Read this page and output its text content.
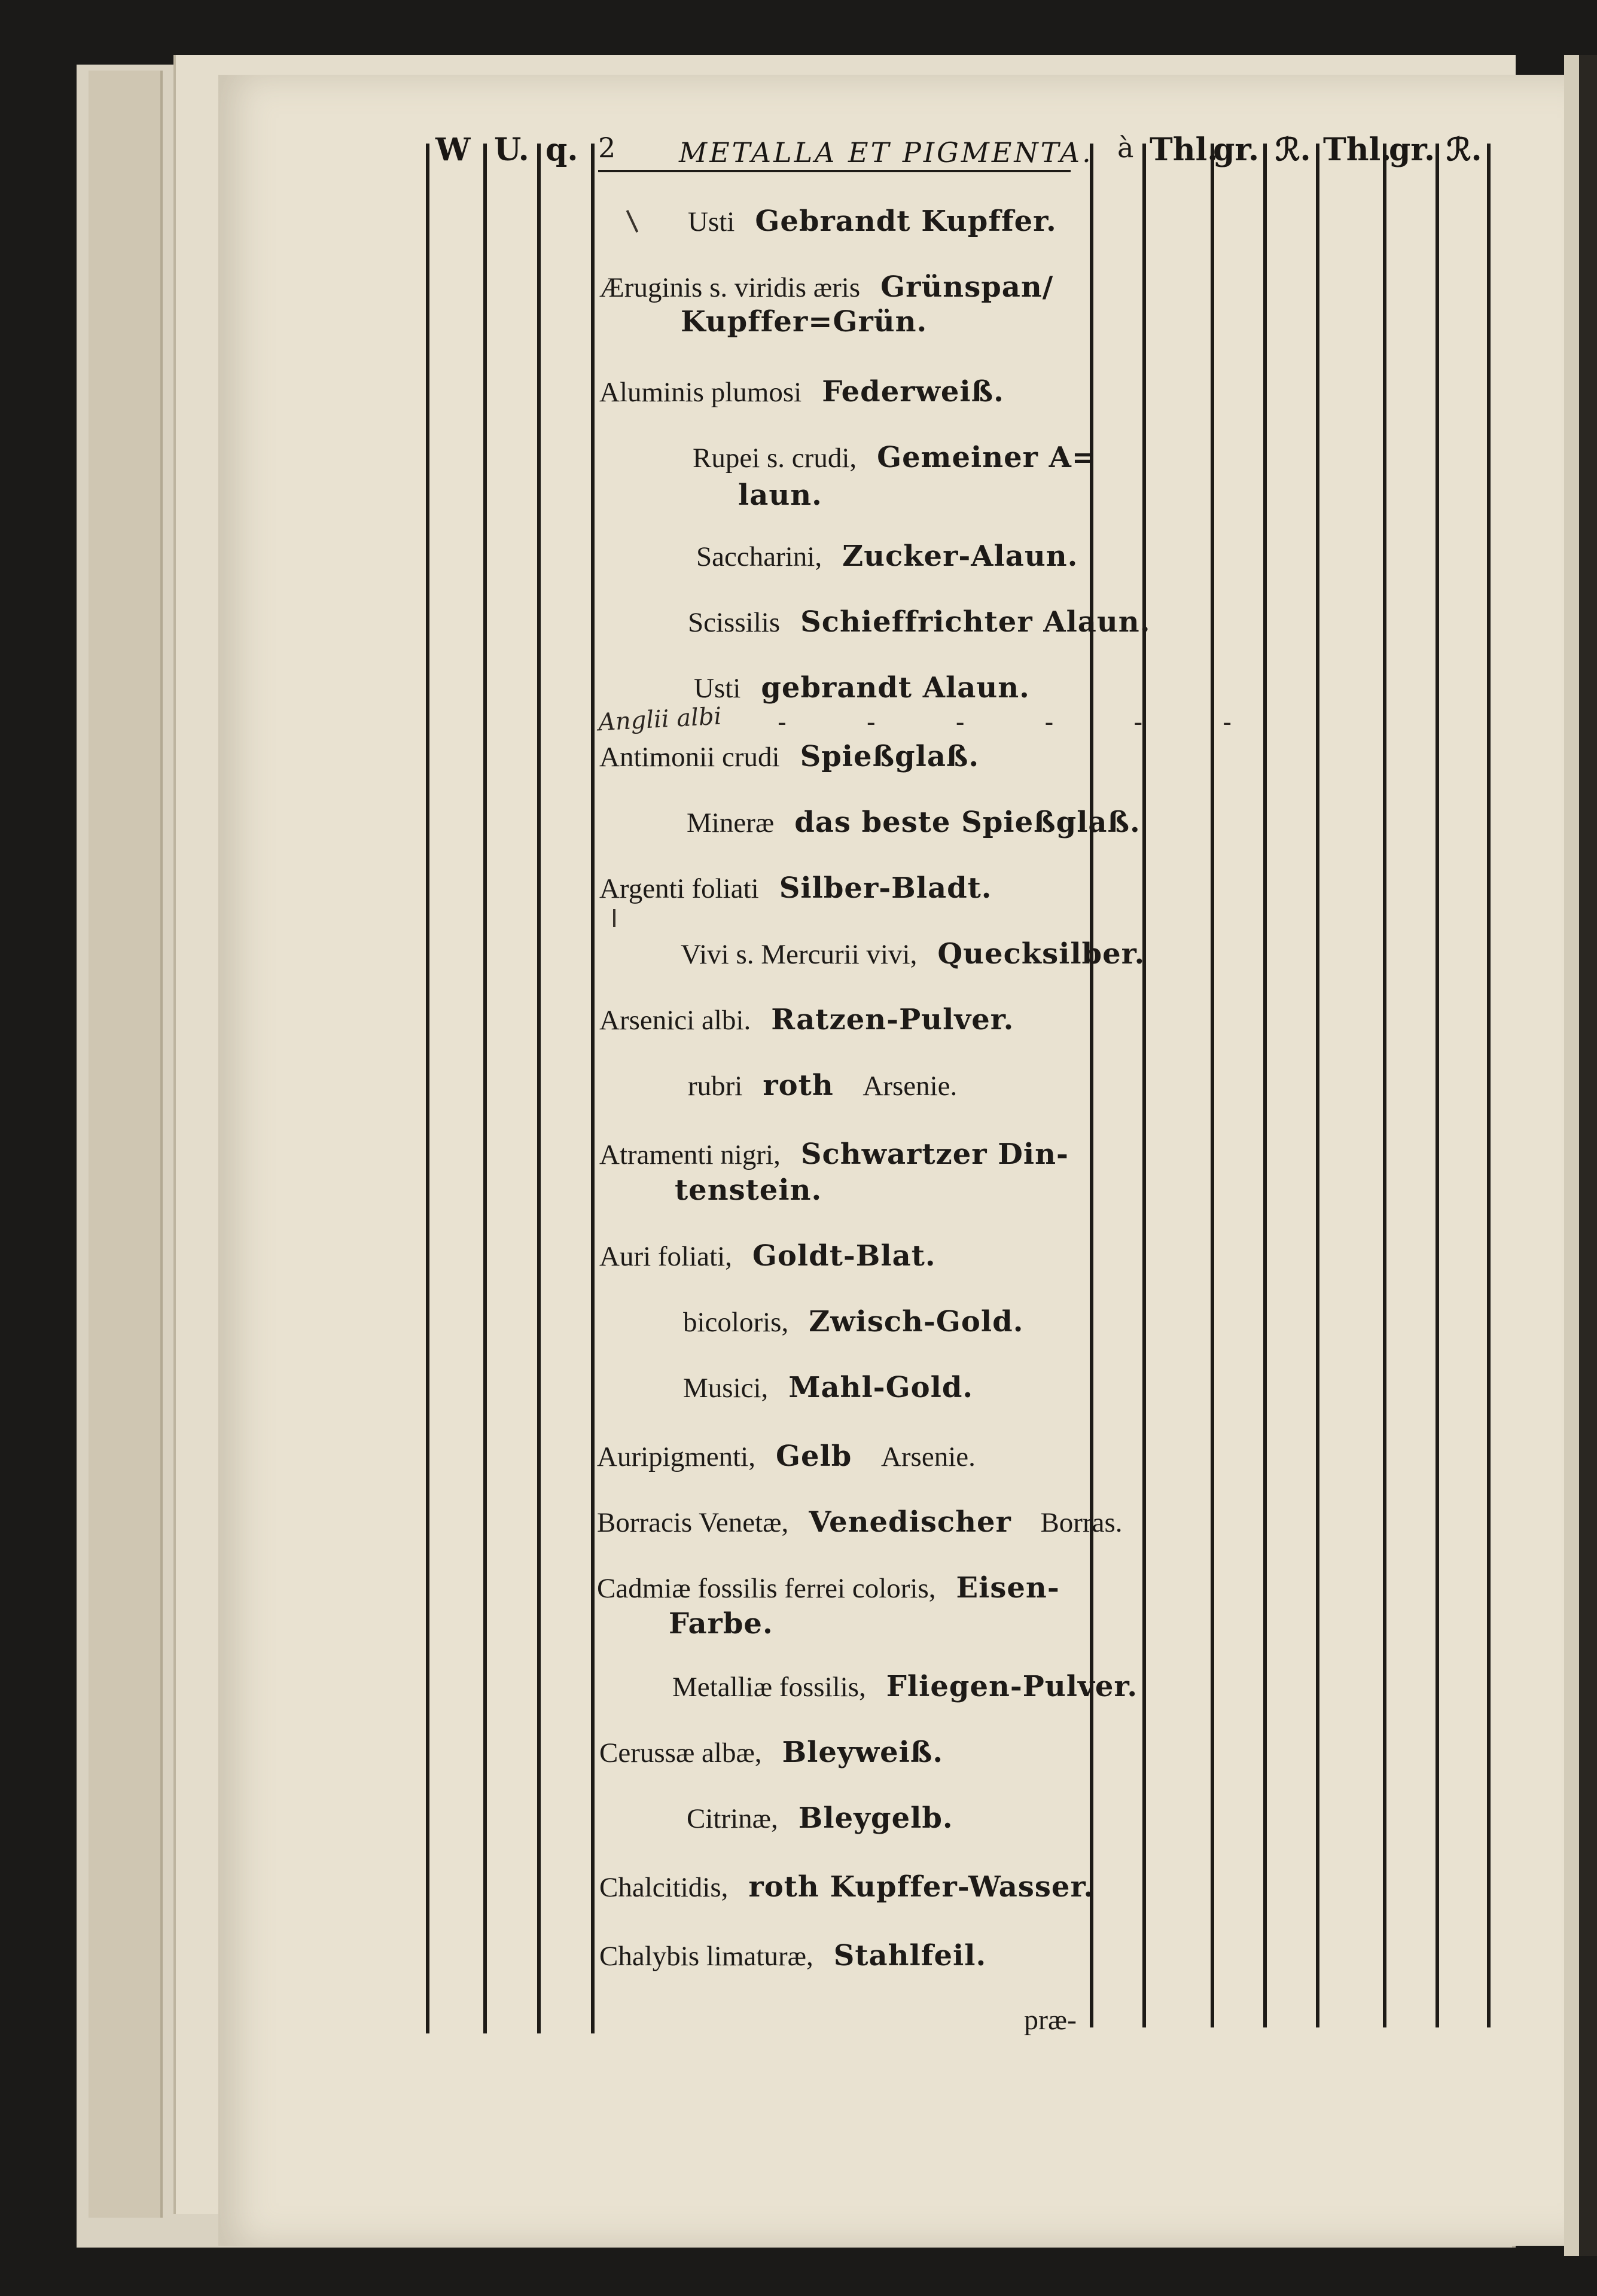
W U. q. 2 METALLA ET PIGMENTA. à Thl.
gr. ℛ. Thl.
gr. ℛ.
Usti Gebrandt Kupffer.
Æruginis s. viridis æris Grünspan/
Kupffer=Grün.
Aluminis plumosi Federweiß.
Rupei s. crudi, Gemeiner A=
laun.
Saccharini, Zucker-Alaun.
Scissilis Schieffrichter Alaun.
Usti gebrandt Alaun.
Antimonii crudi Spießglaß.
Mineræ das beste Spießglaß.
Argenti foliati Silber-Bladt.
Vivi s. Mercurii vivi, Quecksilber.
Arsenici albi. Ratzen-Pulver.
rubri roth Arsenie.
Atramenti nigri, Schwartzer Din-
tenstein.
Auri foliati, Goldt-Blat.
bicoloris, Zwisch-Gold.
Musici, Mahl-Gold.
Auripigmenti, Gelb Arsenie.
Borracis Venetæ, Venedischer Borras.
Cadmiæ fossilis ferrei coloris, Eisen-
Farbe.
Metalliæ fossilis, Fliegen-Pulver.
Cerussæ albæ, Bleyweiß.
Citrinæ, Bleygelb.
Chalcitidis, roth Kupffer-Wasser.
Chalybis limaturæ, Stahlfeil.
Anglii albi - - - - - -
præ-
